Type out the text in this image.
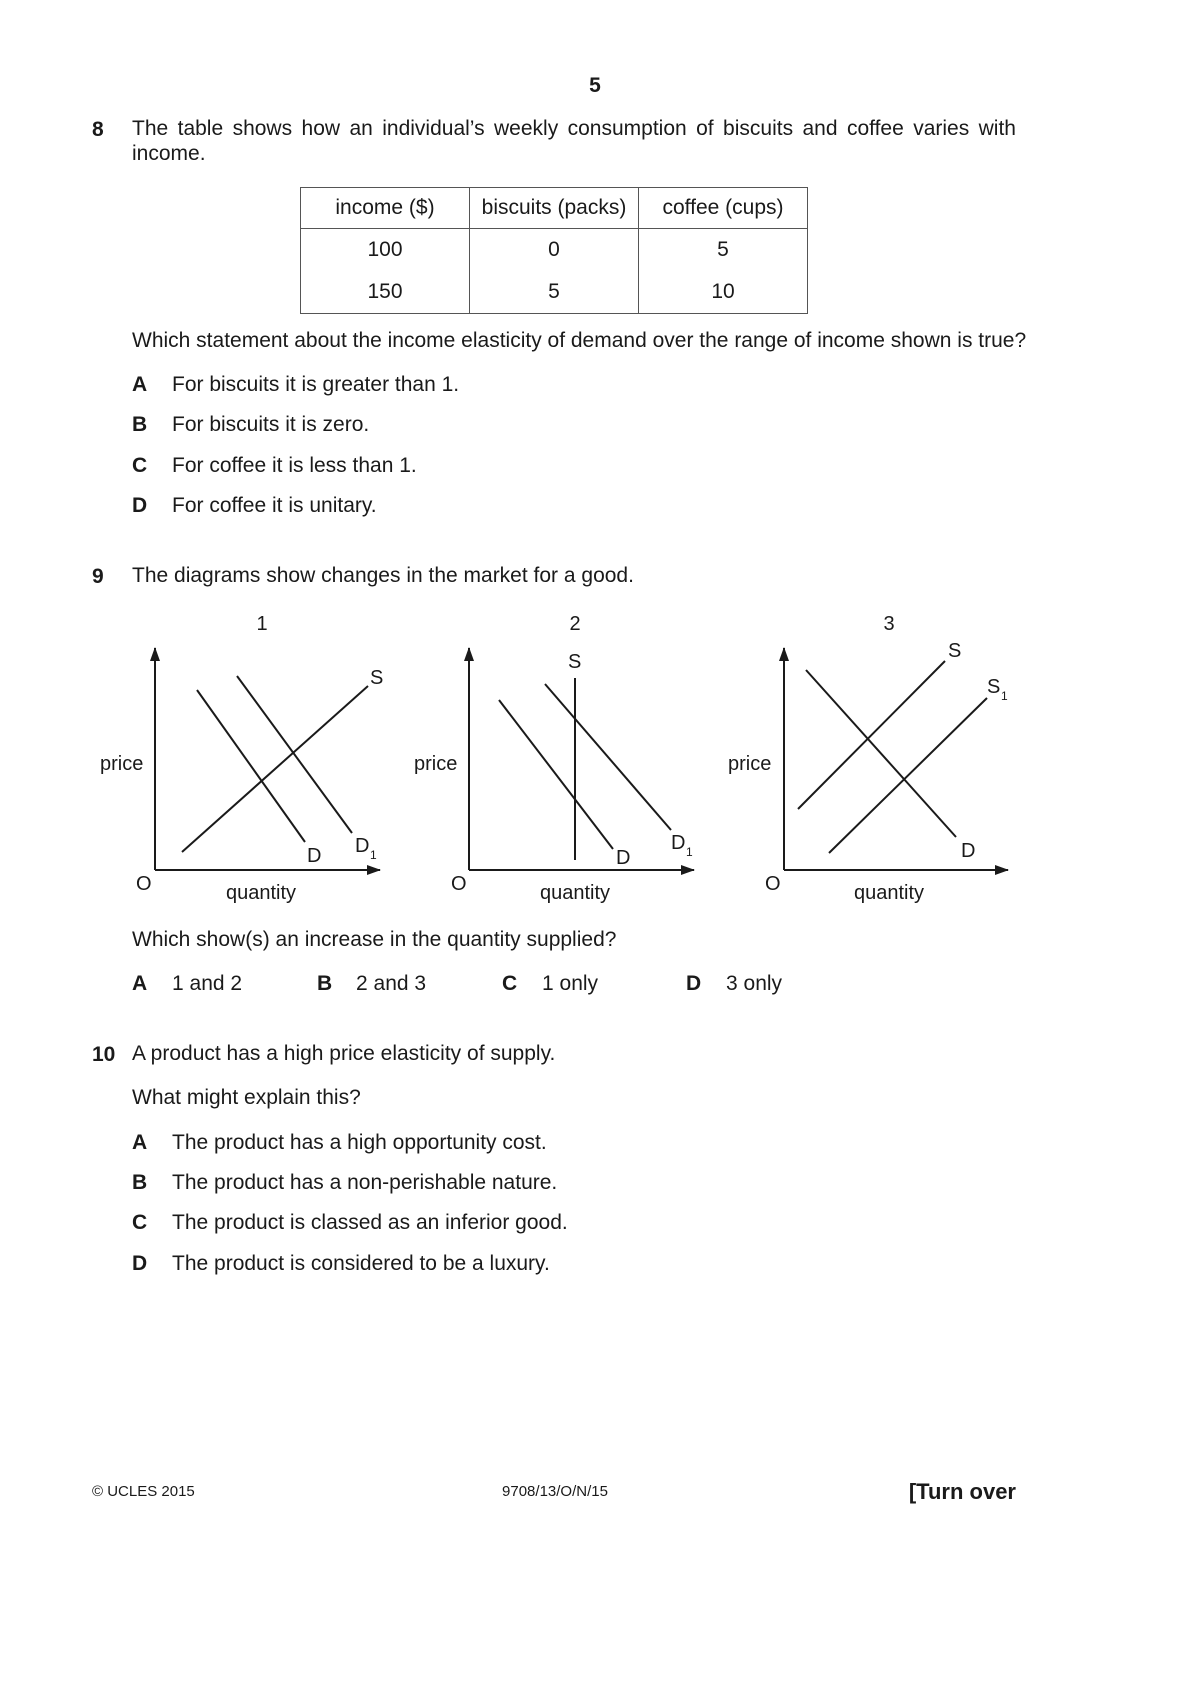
5
8 The table shows how an individual’s weekly consumption of biscuits and coffee varies with
income.
income ($)	biscuits (packs)	coffee (cups)
100	0	5
150	5	10
Which statement about the income elasticity of demand over the range of income shown is true?
A For biscuits it is greater than 1.
B For biscuits it is zero.
C For coffee it is less than 1.
D For coffee it is unitary.
9 The diagrams show changes in the market for a good.
1
price
quantity
O
S
D D 1
2
price
quantity
O
S
D
D 1
3
price
quantity
O
S
S 1
D
Which show(s) an increase in the quantity supplied?
A 1 and 2	B 2 and 3	C 1 only	D 3 only
10 A product has a high price elasticity of supply.
What might explain this?
A The product has a high opportunity cost.
B The product has a non-perishable nature.
C The product is classed as an inferior good.
D The product is considered to be a luxury.
© UCLES 2015	9708/13/O/N/15	[Turn over
